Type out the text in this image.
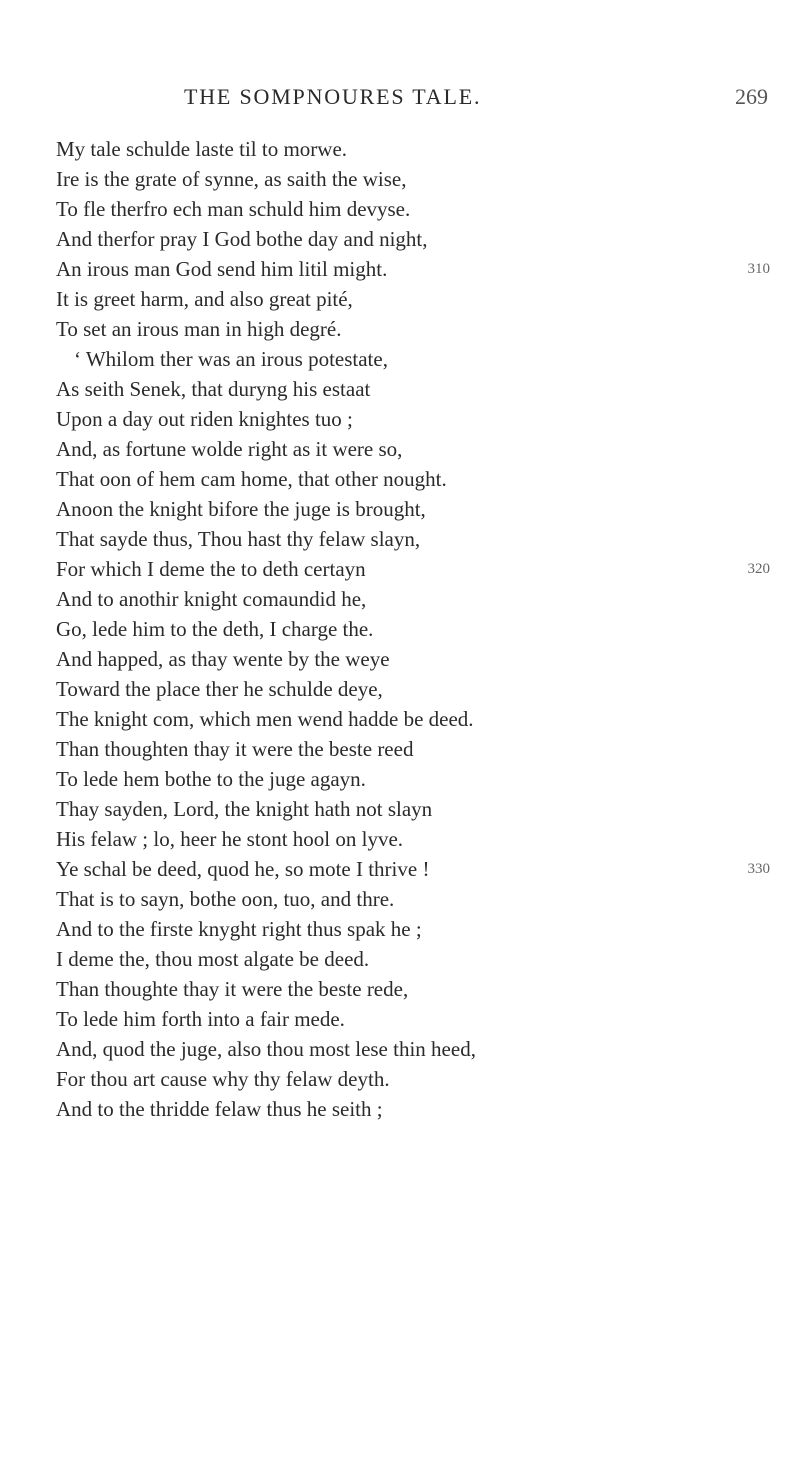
THE SOMPNOURES TALE.	269
My tale schulde laste til to morwe.
Ire is the grate of synne, as saith the wise,
To fle therfro ech man schuld him devyse.
And therfor pray I God bothe day and night,
An irous man God send him litil might.	310
It is greet harm, and also great pité,
To set an irous man in high degré.
‘ Whilom ther was an irous potestate,
As seith Senek, that duryng his estaat
Upon a day out riden knightes tuo ;
And, as fortune wolde right as it were so,
That oon of hem cam home, that other nought.
Anoon the knight bifore the juge is brought,
That sayde thus, Thou hast thy felaw slayn,
For which I deme the to deth certayn	320
And to anothir knight comaundid he,
Go, lede him to the deth, I charge the.
And happed, as thay wente by the weye
Toward the place ther he schulde deye,
The knight com, which men wend hadde be deed.
Than thoughten thay it were the beste reed
To lede hem bothe to the juge agayn.
Thay sayden, Lord, the knight hath not slayn
His felaw ; lo, heer he stont hool on lyve.
Ye schal be deed, quod he, so mote I thrive !	330
That is to sayn, bothe oon, tuo, and thre.
And to the firste knyght right thus spak he ;
I deme the, thou most algate be deed.
Than thoughte thay it were the beste rede,
To lede him forth into a fair mede.
And, quod the juge, also thou most lese thin heed,
For thou art cause why thy felaw deyth.
And to the thridde felaw thus he seith ;
